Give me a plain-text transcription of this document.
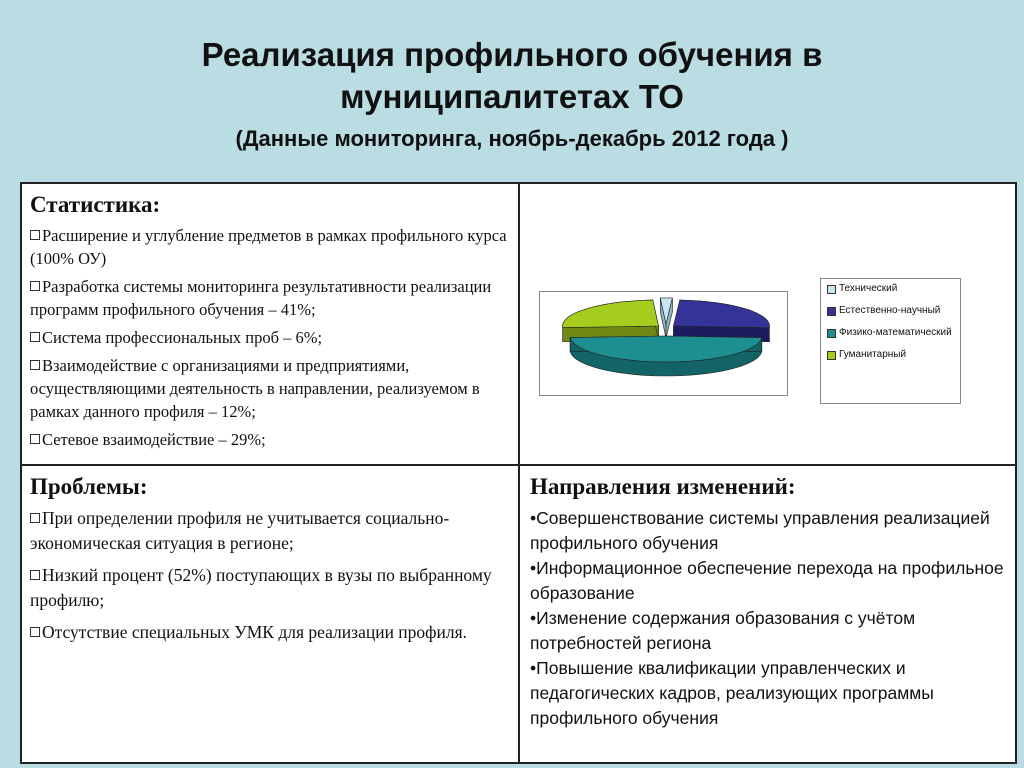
Реализация профильного обучения в
муниципалитетах ТО
(Данные мониторинга, ноябрь-декабрь 2012 года )
Статистика:
Расширение и углубление предметов в рамках профильного курса (100% ОУ)
Разработка системы мониторинга результативности реализации программ профильного обучения – 41%;
Система профессиональных проб – 6%;
Взаимодействие с организациями и предприятиями, осуществляющими деятельность в направлении, реализуемом в рамках данного профиля – 12%;
Сетевое взаимодействие – 29%;
Технический
Естественно-научный
Физико-математический
Гуманитарный
Проблемы:
При определении профиля не учитывается социально-экономическая ситуация в регионе;
Низкий процент (52%) поступающих в вузы по выбранному профилю;
Отсутствие специальных УМК для реализации профиля.
Направления изменений:
•Совершенствование системы управления реализацией профильного обучения
•Информационное обеспечение перехода на профильное образование
•Изменение содержания образования с учётом потребностей региона
•Повышение квалификации управленческих и педагогических кадров, реализующих программы профильного обучения
